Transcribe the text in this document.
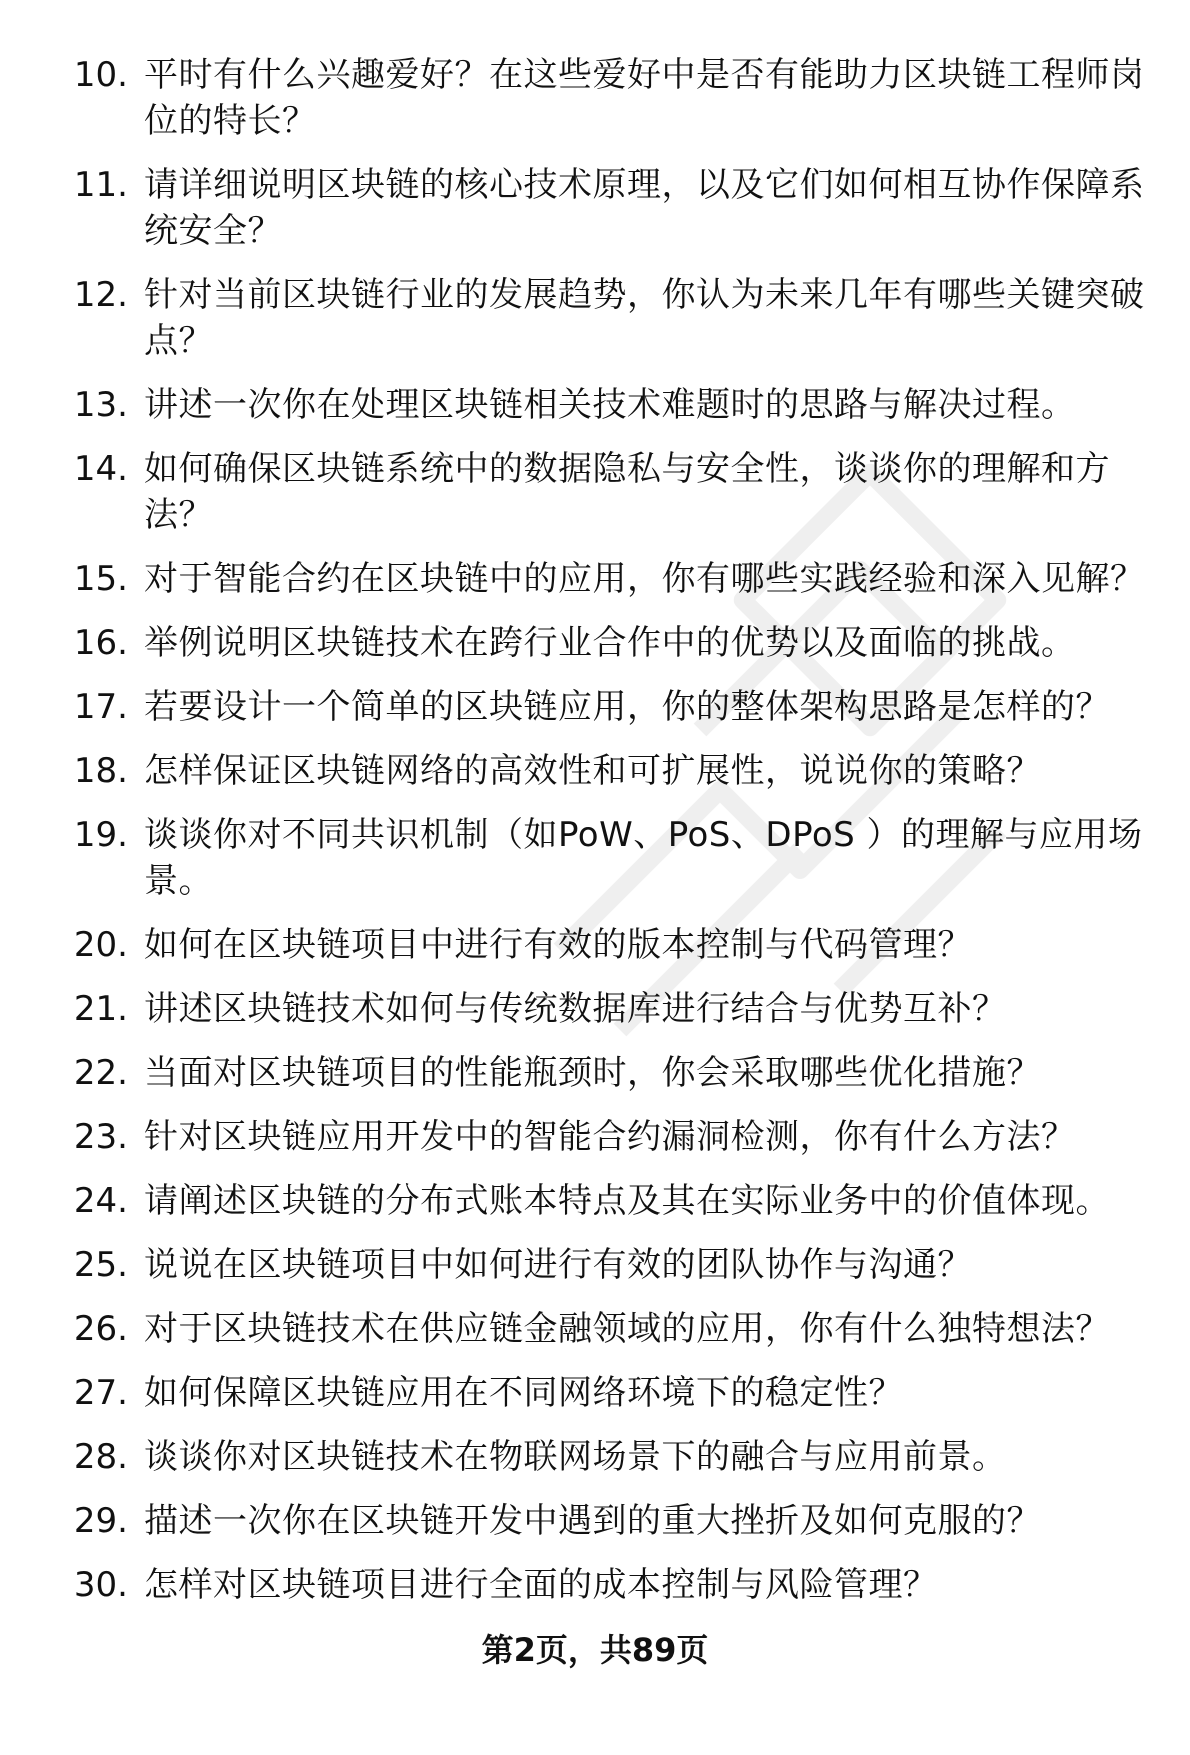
10. 平时有什么兴趣爱好？在这些爱好中是否有能助力区块链工程师岗位的特长？
11. 请详细说明区块链的核心技术原理，以及它们如何相互协作保障系统安全？
12. 针对当前区块链行业的发展趋势，你认为未来几年有哪些关键突破点？
13. 讲述一次你在处理区块链相关技术难题时的思路与解决过程。
14. 如何确保区块链系统中的数据隐私与安全性，谈谈你的理解和方法？
15. 对于智能合约在区块链中的应用，你有哪些实践经验和深入见解？
16. 举例说明区块链技术在跨行业合作中的优势以及面临的挑战。
17. 若要设计一个简单的区块链应用，你的整体架构思路是怎样的？
18. 怎样保证区块链网络的高效性和可扩展性，说说你的策略？
19. 谈谈你对不同共识机制（如PoW、PoS、DPoS ）的理解与应用场景。
20. 如何在区块链项目中进行有效的版本控制与代码管理？
21. 讲述区块链技术如何与传统数据库进行结合与优势互补？
22. 当面对区块链项目的性能瓶颈时，你会采取哪些优化措施？
23. 针对区块链应用开发中的智能合约漏洞检测，你有什么方法？
24. 请阐述区块链的分布式账本特点及其在实际业务中的价值体现。
25. 说说在区块链项目中如何进行有效的团队协作与沟通？
26. 对于区块链技术在供应链金融领域的应用，你有什么独特想法？
27. 如何保障区块链应用在不同网络环境下的稳定性？
28. 谈谈你对区块链技术在物联网场景下的融合与应用前景。
29. 描述一次你在区块链开发中遇到的重大挫折及如何克服的？
30. 怎样对区块链项目进行全面的成本控制与风险管理？
第2页，共89页
